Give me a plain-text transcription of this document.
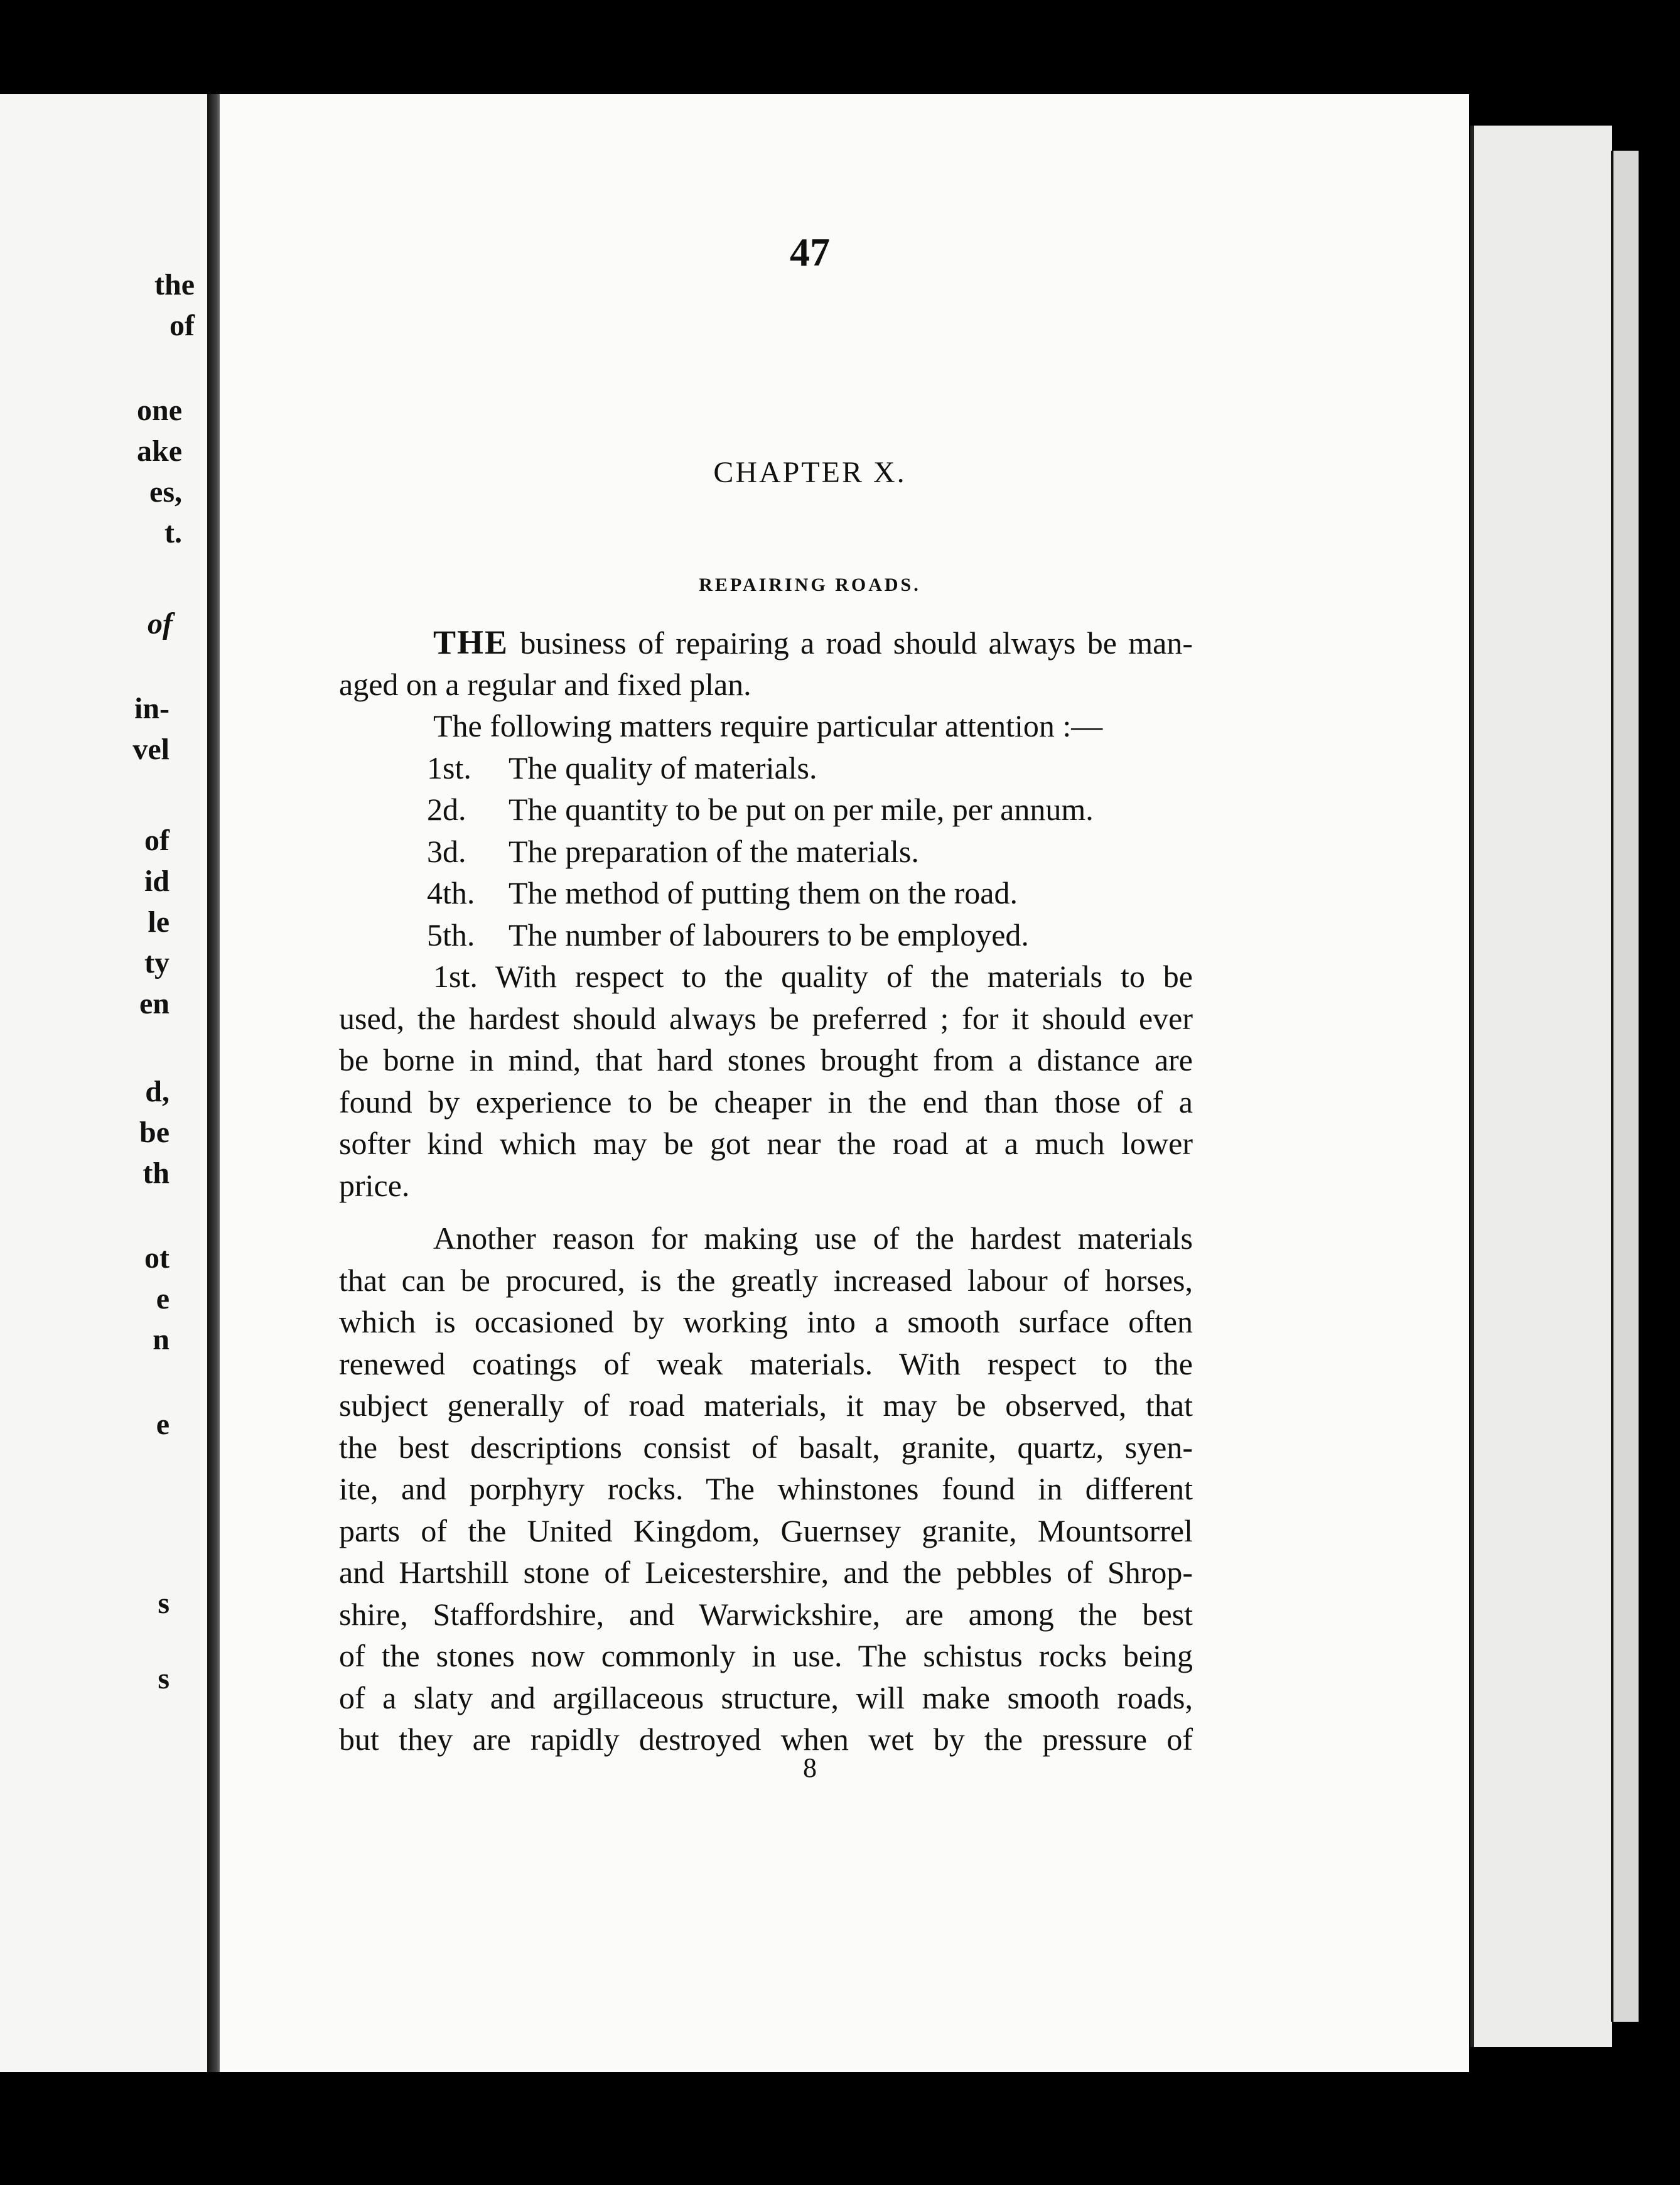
the
of
one
ake
es,
t.
of
in-
vel
of
id
le
ty
en
d,
be
th
ot
e
n
e
s
s
47
CHAPTER X.
REPAIRING ROADS.
THE business of repairing a road should always be man-
aged on a regular and fixed plan.
The following matters require particular attention :—
1st. The quality of materials.
2d. The quantity to be put on per mile, per annum.
3d. The preparation of the materials.
4th. The method of putting them on the road.
5th. The number of labourers to be employed.
1st. With respect to the quality of the materials to be
used, the hardest should always be preferred ; for it should ever
be borne in mind, that hard stones brought from a distance are
found by experience to be cheaper in the end than those of a
softer kind which may be got near the road at a much lower
price.
Another reason for making use of the hardest materials
that can be procured, is the greatly increased labour of horses,
which is occasioned by working into a smooth surface often
renewed coatings of weak materials. With respect to the
subject generally of road materials, it may be observed, that
the best descriptions consist of basalt, granite, quartz, syen-
ite, and porphyry rocks. The whinstones found in different
parts of the United Kingdom, Guernsey granite, Mountsorrel
and Hartshill stone of Leicestershire, and the pebbles of Shrop-
shire, Staffordshire, and Warwickshire, are among the best
of the stones now commonly in use. The schistus rocks being
of a slaty and argillaceous structure, will make smooth roads,
but they are rapidly destroyed when wet by the pressure of
8
